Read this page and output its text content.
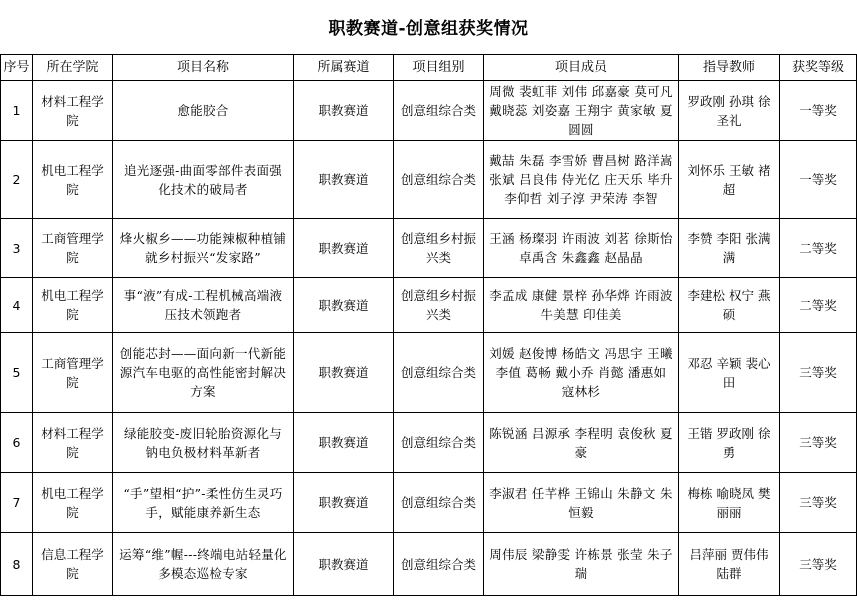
职教赛道-创意组获奖情况
序号	所在学院	项目名称	所属赛道	项目组别	项目成员	指导教师	获奖等级
1	材料工程学院	愈能胶合	职教赛道	创意组综合类	周微 裴虹菲 刘伟 邱嘉豪 莫可凡 戴晓蕊 刘姿嘉 王翔宇 黄家敏 夏圆圆	罗政刚 孙琪 徐圣礼	一等奖
2	机电工程学院	追光逐强-曲面零部件表面强化技术的破局者	职教赛道	创意组综合类	戴喆 朱磊 李雪娇 曹昌树 路洋嵩 张斌 吕良伟 侍光亿 庄天乐 毕升 李仰哲 刘子淳 尹荣涛 李智	刘怀乐 王敏 褚超	一等奖
3	工商管理学院	烽火椒乡——功能辣椒种植铺就乡村振兴“发家路”	职教赛道	创意组乡村振兴类	王涵 杨璨羽 许雨波 刘茗 徐斯怡 卓禹含 朱鑫鑫 赵晶晶	李赞 李阳 张满满	二等奖
4	机电工程学院	事“液”有成-工程机械高端液压技术领跑者	职教赛道	创意组乡村振兴类	李孟成 康健 景梓 孙华烨 许雨波 牛美慧 印佳美	李建松 权宁 燕硕	二等奖
5	工商管理学院	创能芯封——面向新一代新能源汽车电驱的高性能密封解决方案	职教赛道	创意组综合类	刘媛 赵俊博 杨皓文 冯思宇 王曦 李值 葛畅 戴小乔 肖懿 潘惠如 寇林杉	邓忍 辛颖 裴心田	三等奖
6	材料工程学院	绿能胶变-废旧轮胎资源化与钠电负极材料革新者	职教赛道	创意组综合类	陈锐涵 吕源承 李程明 袁俊秋 夏豪	王锴 罗政刚 徐勇	三等奖
7	机电工程学院	“手”望相“护”-柔性仿生灵巧手，赋能康养新生态	职教赛道	创意组综合类	李淑君 任芊桦 王锦山 朱静文 朱恒毅	梅栋 喻晓凤 樊丽丽	三等奖
8	信息工程学院	运筹“维”幄---终端电站轻量化多模态巡检专家	职教赛道	创意组综合类	周伟辰 梁静雯 许栋景 张莹 朱子瑞	吕萍丽 贾伟伟 陆群	三等奖
